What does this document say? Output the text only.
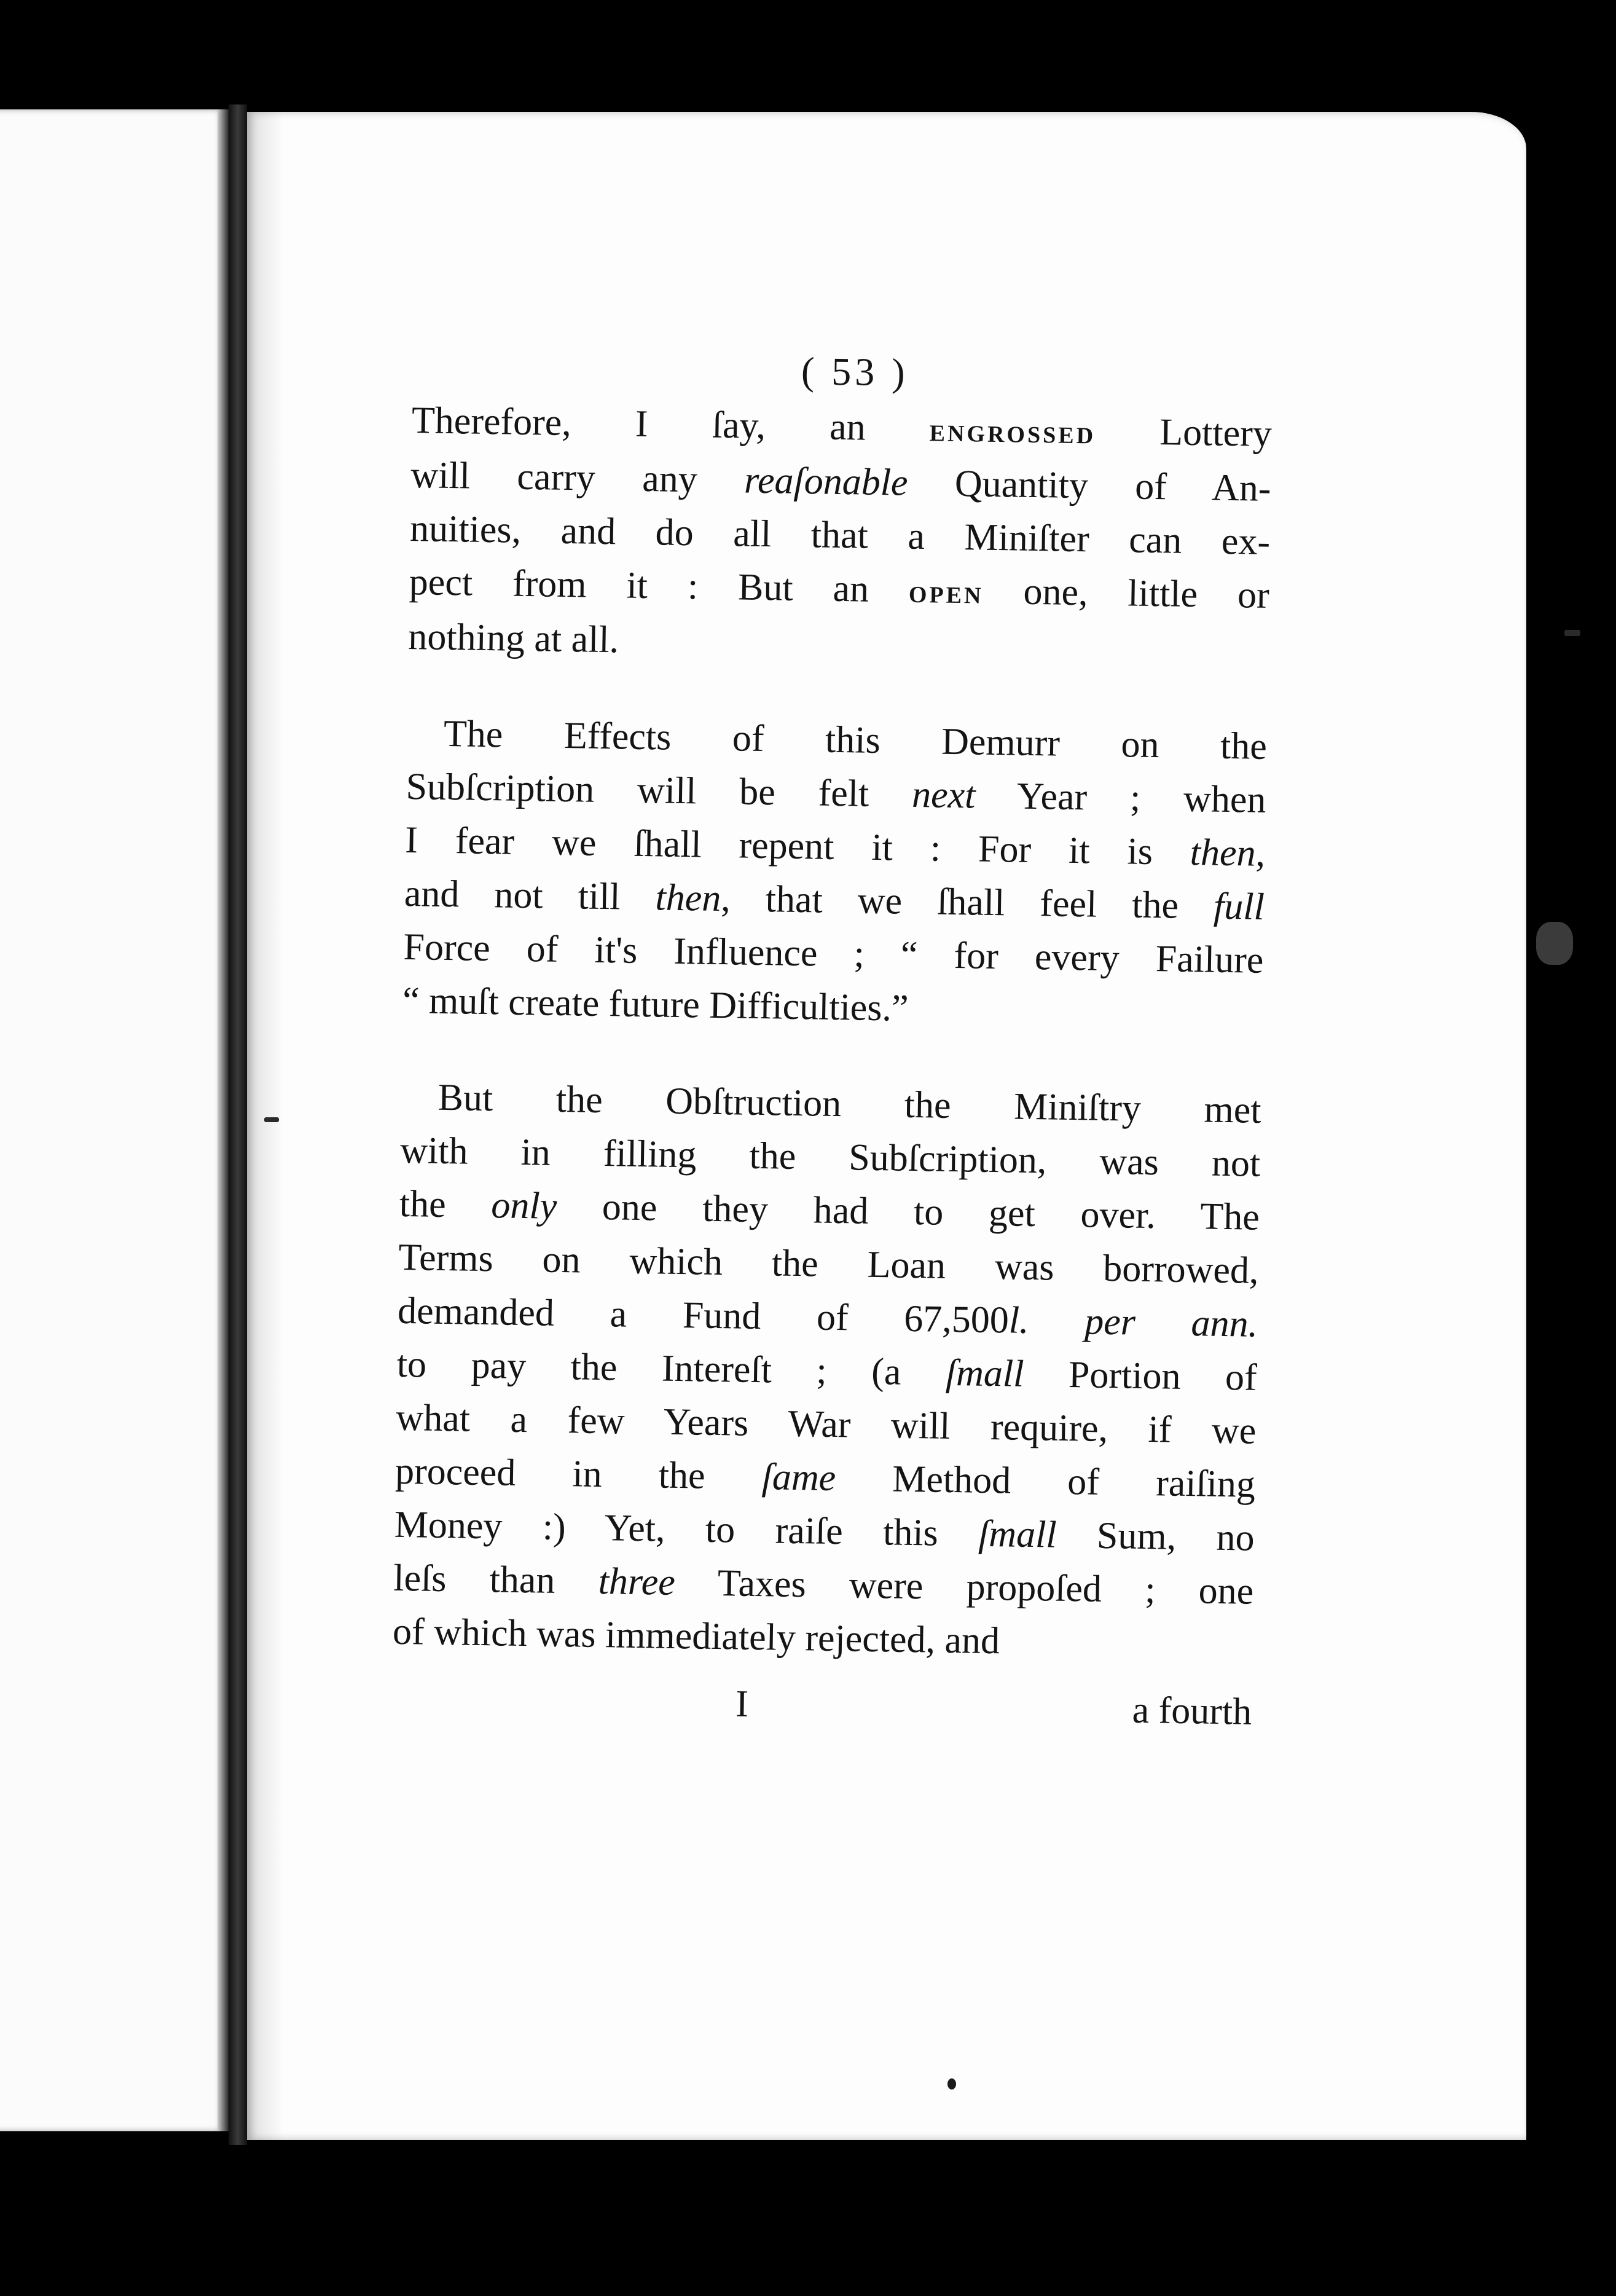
( 53 )
Therefore, I ſay, an engrossed Lottery
will carry any reaſonable Quantity of An-
nuities, and do all that a Miniſter can ex-
pect from it : But an open one, little or
nothing at all.
The Effects of this Demurr on the
Subſcription will be felt next Year ; when
I fear we ſhall repent it : For it is then,
and not till then, that we ſhall feel the full
Force of it's Influence ; “ for every Failure
“ muſt create future Difficulties.”
But the Obſtruction the Miniſtry met
with in filling the Subſcription, was not
the only one they had to get over. The
Terms on which the Loan was borrowed,
demanded a Fund of 67,500l. per ann.
to pay the Intereſt ; (a ſmall Portion of
what a few Years War will require, if we
proceed in the ſame Method of raiſing
Money :) Yet, to raiſe this ſmall Sum, no
leſs than three Taxes were propoſed ; one
of which was immediately rejected, and
I	a fourth
